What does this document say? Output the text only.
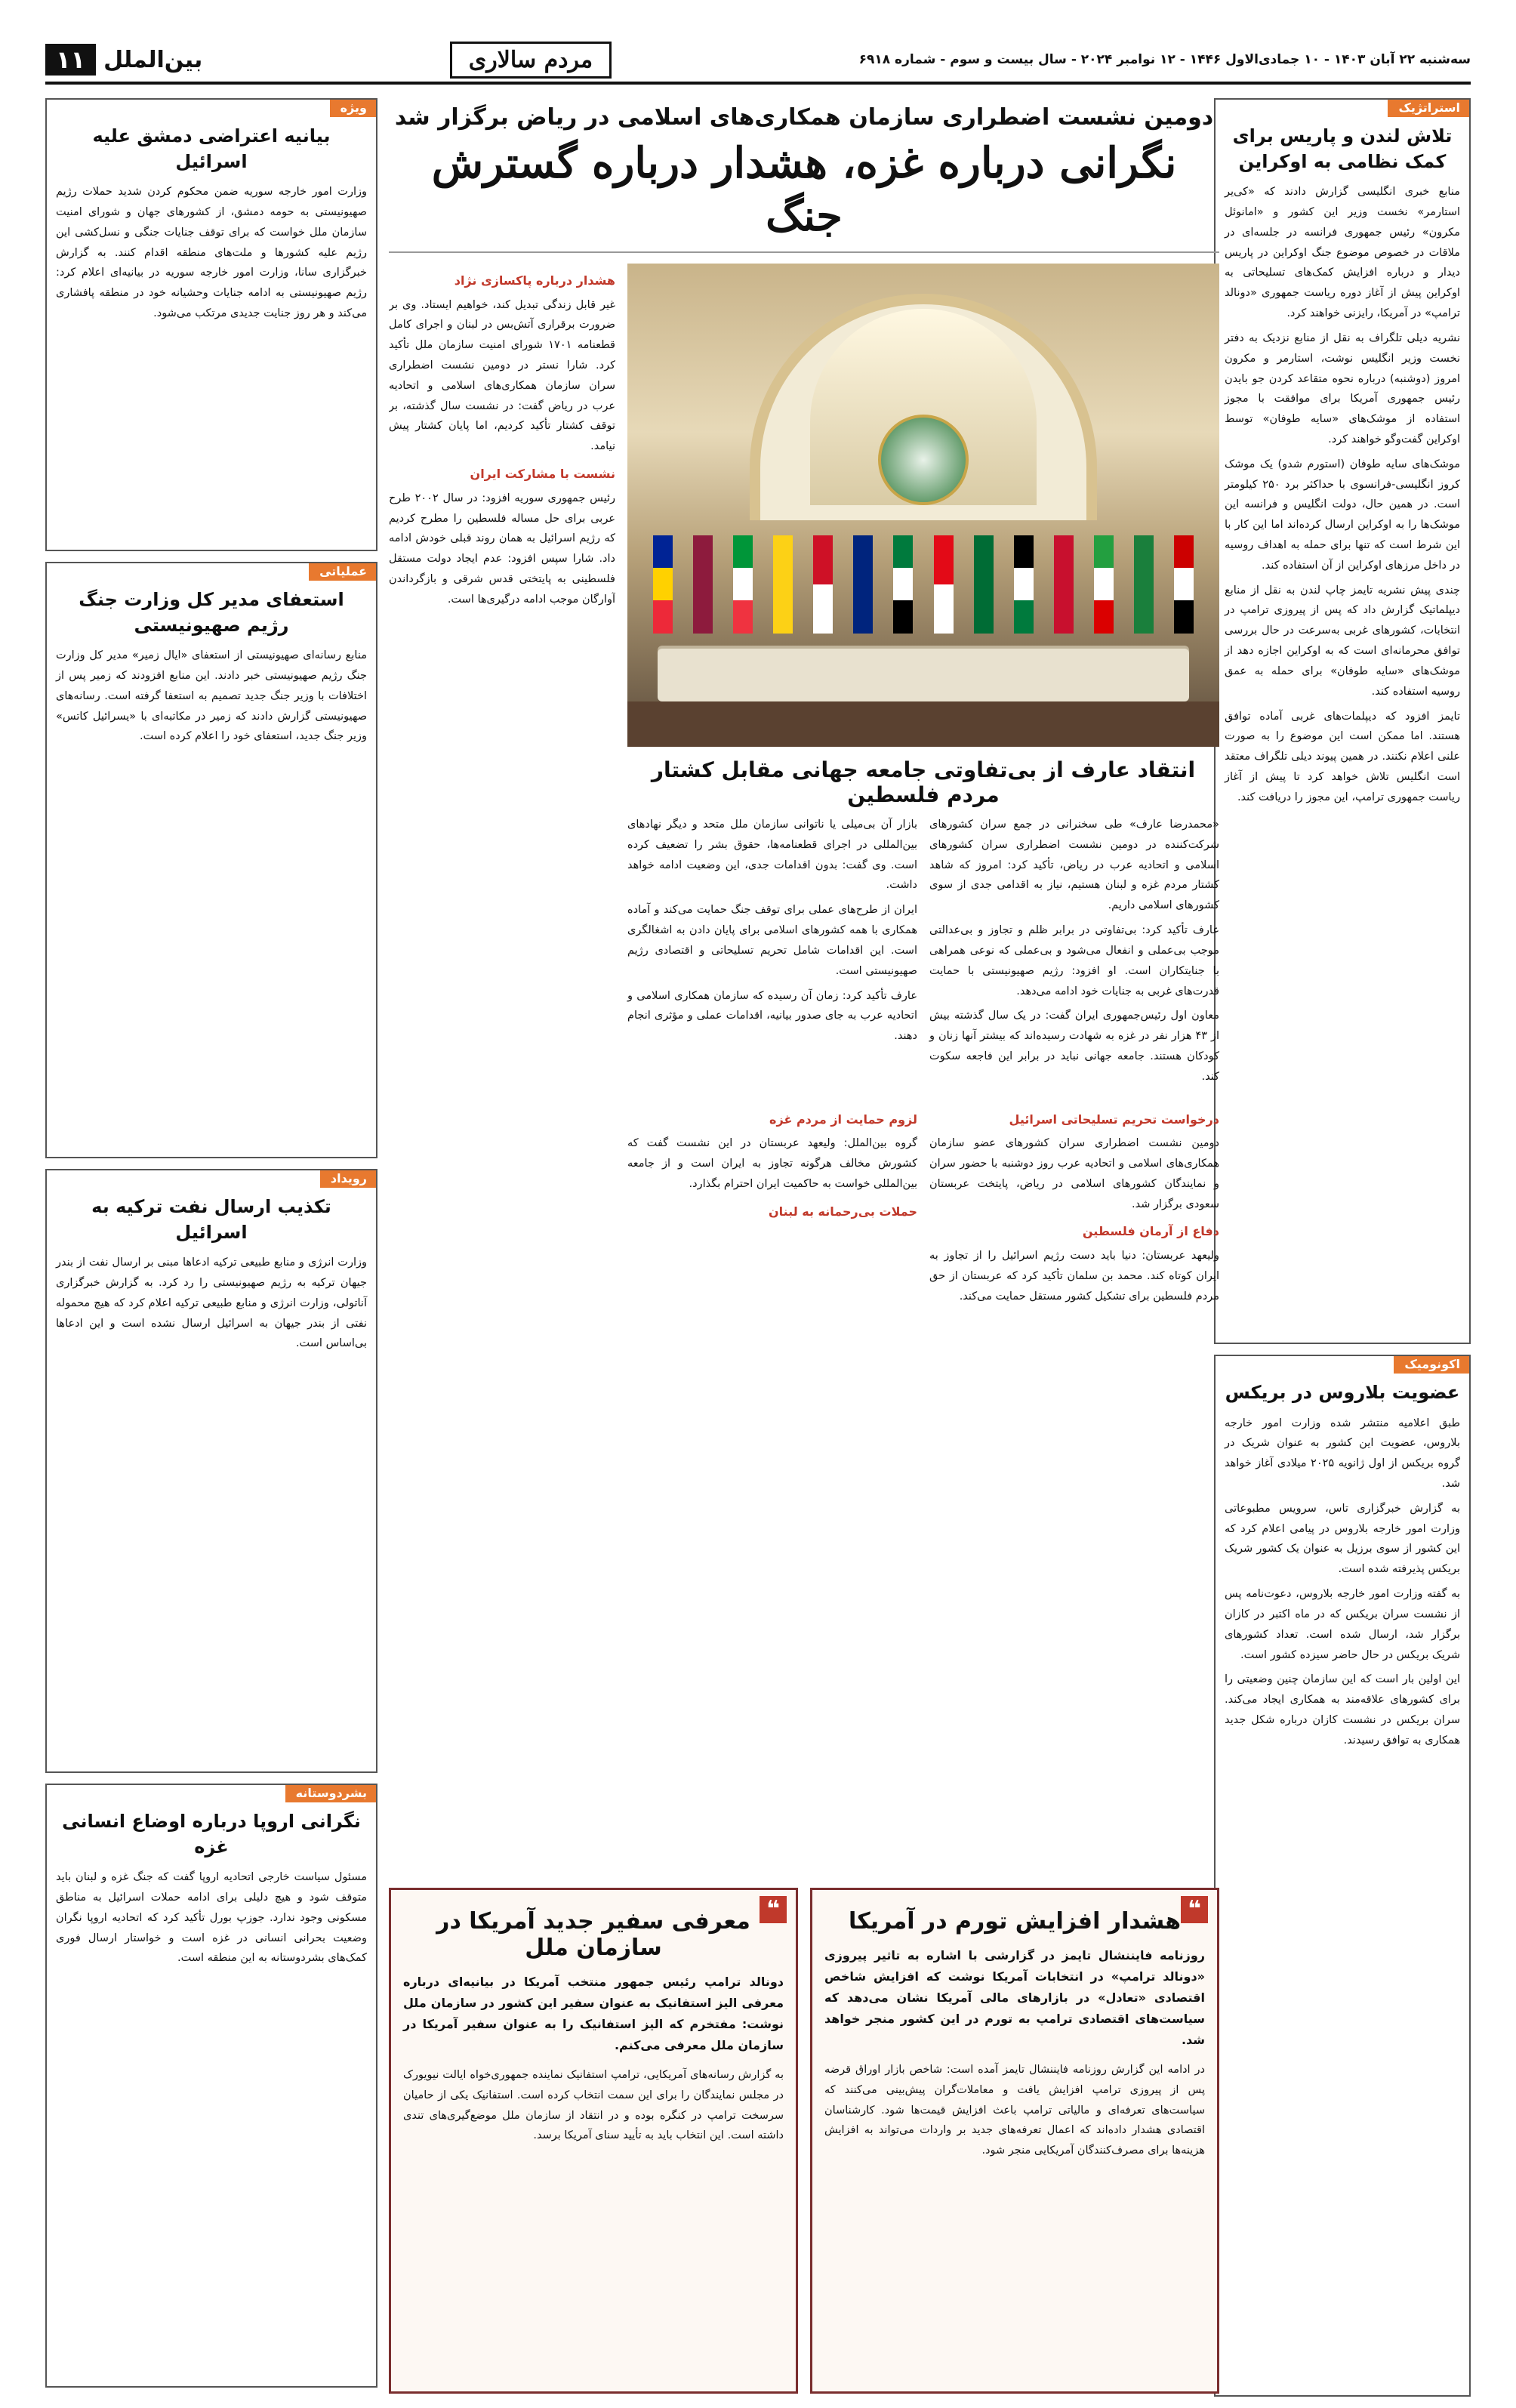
سه‌شنبه ۲۲ آبان ۱۴۰۳ - ۱۰ جمادی‌الاول ۱۴۴۶ - ۱۲ نوامبر ۲۰۲۴ - سال بیست و سوم - شماره ۶۹۱۸
مردم سالاری
بین‌الملل
۱۱
استراتژیک
تلاش لندن و پاریس برای کمک نظامی به اوکراین

منابع خبری انگلیسی گزارش دادند که «کی‌یر استارمر» نخست وزیر این کشور و «امانوئل مکرون» رئیس جمهوری فرانسه در جلسه‌ای در ملاقات در خصوص موضوع جنگ اوکراین در پاریس دیدار و درباره افزایش کمک‌های تسلیحاتی به اوکراین پیش از آغاز دوره ریاست جمهوری «دونالد ترامپ» در آمریکا، رایزنی خواهند کرد.

نشریه دیلی تلگراف به نقل از منابع نزدیک به دفتر نخست وزیر انگلیس نوشت، استارمر و مکرون امروز (دوشنبه) درباره نحوه متقاعد کردن جو بایدن رئیس جمهوری آمریکا برای موافقت با مجوز استفاده از موشک‌های «سایه طوفان» توسط اوکراین گفت‌وگو خواهند کرد.

موشک‌های سایه طوفان (استورم شدو) یک موشک کروز انگلیسی-فرانسوی با حداکثر برد ۲۵۰ کیلومتر است. در همین حال، دولت انگلیس و فرانسه این موشک‌ها را به اوکراین ارسال کرده‌اند اما این کار با این شرط است که تنها برای حمله به اهداف روسیه در داخل مرزهای اوکراین از آن استفاده کند.

چندی پیش نشریه تایمز چاپ لندن به نقل از منابع دیپلماتیک گزارش داد که پس از پیروزی ترامپ در انتخابات، کشورهای غربی به‌سرعت در حال بررسی توافق محرمانه‌ای است که به اوکراین اجازه دهد از موشک‌های «سایه طوفان» برای حمله به عمق روسیه استفاده کند.

تایمز افزود که دیپلمات‌های غربی آماده توافق هستند. اما ممکن است این موضوع را به صورت علنی اعلام نکنند. در همین پیوند دیلی تلگراف معتقد است انگلیس تلاش خواهد کرد تا پیش از آغاز ریاست جمهوری ترامپ، این مجوز را دریافت کند.

اکونومیک
عضویت بلاروس در بریکس

طبق اعلامیه منتشر شده وزارت امور خارجه بلاروس، عضویت این کشور به عنوان شریک در گروه بریکس از اول ژانویه ۲۰۲۵ میلادی آغاز خواهد شد.

به گزارش خبرگزاری تاس، سرویس مطبوعاتی وزارت امور خارجه بلاروس در پیامی اعلام کرد که این کشور از سوی برزیل به عنوان یک کشور شریک بریکس پذیرفته شده است.

به گفته وزارت امور خارجه بلاروس، دعوت‌نامه پس از نشست سران بریکس که در ماه اکتبر در کازان برگزار شد، ارسال شده است. تعداد کشورهای شریک بریکس در حال حاضر سیزده کشور است.

این اولین بار است که این سازمان چنین وضعیتی را برای کشورهای علاقه‌مند به همکاری ایجاد می‌کند. سران بریکس در نشست کازان درباره شکل جدید همکاری به توافق رسیدند.

دومین نشست اضطراری سازمان همکاری‌های اسلامی در ریاض برگزار شد
نگرانی درباره غزه، هشدار درباره گسترش جنگ
انتقاد عارف از بی‌تفاوتی جامعه جهانی مقابل کشتار مردم فلسطین

«محمدرضا عارف» طی سخنرانی در جمع سران کشورهای شرکت‌کننده در دومین نشست اضطراری سران کشورهای اسلامی و اتحادیه عرب در ریاض، تأکید کرد: امروز که شاهد کشتار مردم غزه و لبنان هستیم، نیاز به اقدامی جدی از سوی کشورهای اسلامی داریم.

عارف تأکید کرد: بی‌تفاوتی در برابر ظلم و تجاوز و بی‌عدالتی موجب بی‌عملی و انفعال می‌شود و بی‌عملی که نوعی همراهی با جنایتکاران است. او افزود: رژیم صهیونیستی با حمایت قدرت‌های غربی به جنایات خود ادامه می‌دهد.

معاون اول رئیس‌جمهوری ایران گفت: در یک سال گذشته بیش از ۴۳ هزار نفر در غزه به شهادت رسیده‌اند که بیشتر آنها زنان و کودکان هستند. جامعه جهانی نباید در برابر این فاجعه سکوت کند.

بازار آن بی‌میلی یا ناتوانی سازمان ملل متحد و دیگر نهادهای بین‌المللی در اجرای قطعنامه‌ها، حقوق بشر را تضعیف کرده است. وی گفت: بدون اقدامات جدی، این وضعیت ادامه خواهد داشت.

ایران از طرح‌های عملی برای توقف جنگ حمایت می‌کند و آماده همکاری با همه کشورهای اسلامی برای پایان دادن به اشغالگری است. این اقدامات شامل تحریم تسلیحاتی و اقتصادی رژیم صهیونیستی است.

عارف تأکید کرد: زمان آن رسیده که سازمان همکاری اسلامی و اتحادیه عرب به جای صدور بیانیه، اقدامات عملی و مؤثری انجام دهند.

درخواست تحریم تسلیحاتی اسرائیل

دومین نشست اضطراری سران کشورهای عضو سازمان همکاری‌های اسلامی و اتحادیه عرب روز دوشنبه با حضور سران و نمایندگان کشورهای اسلامی در ریاض، پایتخت عربستان سعودی برگزار شد.

دفاع از آرمان فلسطین

ولیعهد عربستان: دنیا باید دست رژیم اسرائیل را از تجاوز به ایران کوتاه کند. محمد بن سلمان تأکید کرد که عربستان از حق مردم فلسطین برای تشکیل کشور مستقل حمایت می‌کند.

لزوم حمایت از مردم غزه

گروه بین‌الملل: ولیعهد عربستان در این نشست گفت که کشورش مخالف هرگونه تجاوز به ایران است و از جامعه بین‌المللی خواست به حاکمیت ایران احترام بگذارد.

حملات بی‌رحمانه به لبنان
هشدار درباره پاکسازی نژاد

غیر قابل زندگی تبدیل کند، خواهیم ایستاد. وی بر ضرورت برقراری آتش‌بس در لبنان و اجرای کامل قطعنامه ۱۷۰۱ شورای امنیت سازمان ملل تأکید کرد. شارا نستر در دومین نشست اضطراری سران سازمان همکاری‌های اسلامی و اتحادیه عرب در ریاض گفت: در نشست سال گذشته، بر توقف کشتار تأکید کردیم، اما پایان کشتار پیش نیامد.

نشست با مشارکت ایران

رئیس جمهوری سوریه افزود: در سال ۲۰۰۲ طرح عربی برای حل مساله فلسطین را مطرح کردیم که رژیم اسرائیل به همان روند قبلی خودش ادامه داد. شارا سپس افزود: عدم ایجاد دولت مستقل فلسطینی به پایتختی قدس شرقی و بازگرداندن آوارگان موجب ادامه درگیری‌ها است.

ویژه
بیانیه اعتراضی دمشق علیه اسرائیل
وزارت امور خارجه سوریه ضمن محکوم کردن شدید حملات رژیم صهیونیستی به حومه دمشق، از کشورهای جهان و شورای امنیت سازمان ملل خواست که برای توقف جنایات جنگی و نسل‌کشی این رژیم علیه کشورها و ملت‌های منطقه اقدام کنند. به گزارش خبرگزاری سانا، وزارت امور خارجه سوریه در بیانیه‌ای اعلام کرد: رژیم صهیونیستی به ادامه جنایات وحشیانه خود در منطقه پافشاری می‌کند و هر روز جنایت جدیدی مرتکب می‌شود.
عملیاتی
استعفای مدیر کل وزارت جنگ رژیم صهیونیستی
منابع رسانه‌ای صهیونیستی از استعفای «ایال زمیر» مدیر کل وزارت جنگ رژیم صهیونیستی خبر دادند. این منابع افزودند که زمیر پس از اختلافات با وزیر جنگ جدید تصمیم به استعفا گرفته است. رسانه‌های صهیونیستی گزارش دادند که زمیر در مکاتبه‌ای با «یسرائیل کاتس» وزیر جنگ جدید، استعفای خود را اعلام کرده است.
رویداد
تکذیب ارسال نفت ترکیه به اسرائیل
وزارت انرژی و منابع طبیعی ترکیه ادعاها مبنی بر ارسال نفت از بندر جیهان ترکیه به رژیم صهیونیستی را رد کرد. به گزارش خبرگزاری آناتولی، وزارت انرژی و منابع طبیعی ترکیه اعلام کرد که هیچ محموله نفتی از بندر جیهان به اسرائیل ارسال نشده است و این ادعاها بی‌اساس است.
بشردوستانه
نگرانی اروپا درباره اوضاع انسانی غزه
مسئول سیاست خارجی اتحادیه اروپا گفت که جنگ غزه و لبنان باید متوقف شود و هیچ دلیلی برای ادامه حملات اسرائیل به مناطق مسکونی وجود ندارد. جوزپ بورل تأکید کرد که اتحادیه اروپا نگران وضعیت بحرانی انسانی در غزه است و خواستار ارسال فوری کمک‌های بشردوستانه به این منطقه است.
❝
هشدار افزایش تورم در آمریکا
روزنامه فایننشال تایمز در گزارشی با اشاره به تاثیر پیروزی «دونالد ترامپ» در انتخابات آمریکا نوشت که افزایش شاخص اقتصادی «تعادل» در بازارهای مالی آمریکا نشان می‌دهد که سیاست‌های اقتصادی ترامپ به تورم در این کشور منجر خواهد شد.
در ادامه این گزارش روزنامه فایننشال تایمز آمده است: شاخص بازار اوراق قرضه پس از پیروزی ترامپ افزایش یافت و معاملات‌گران پیش‌بینی می‌کنند که سیاست‌های تعرفه‌ای و مالیاتی ترامپ باعث افزایش قیمت‌ها شود. کارشناسان اقتصادی هشدار داده‌اند که اعمال تعرفه‌های جدید بر واردات می‌تواند به افزایش هزینه‌ها برای مصرف‌کنندگان آمریکایی منجر شود.
❝
معرفی سفیر جدید آمریکا در سازمان ملل
دونالد ترامپ رئیس جمهور منتخب آمریکا در بیانیه‌ای درباره معرفی الیز استفانیک به عنوان سفیر این کشور در سازمان ملل نوشت: مفتخرم که الیز استفانیک را به عنوان سفیر آمریکا در سازمان ملل معرفی می‌کنم.
به گزارش رسانه‌های آمریکایی، ترامپ استفانیک نماینده جمهوری‌خواه ایالت نیویورک در مجلس نمایندگان را برای این سمت انتخاب کرده است. استفانیک یکی از حامیان سرسخت ترامپ در کنگره بوده و در انتقاد از سازمان ملل موضع‌گیری‌های تندی داشته است. این انتخاب باید به تأیید سنای آمریکا برسد.
